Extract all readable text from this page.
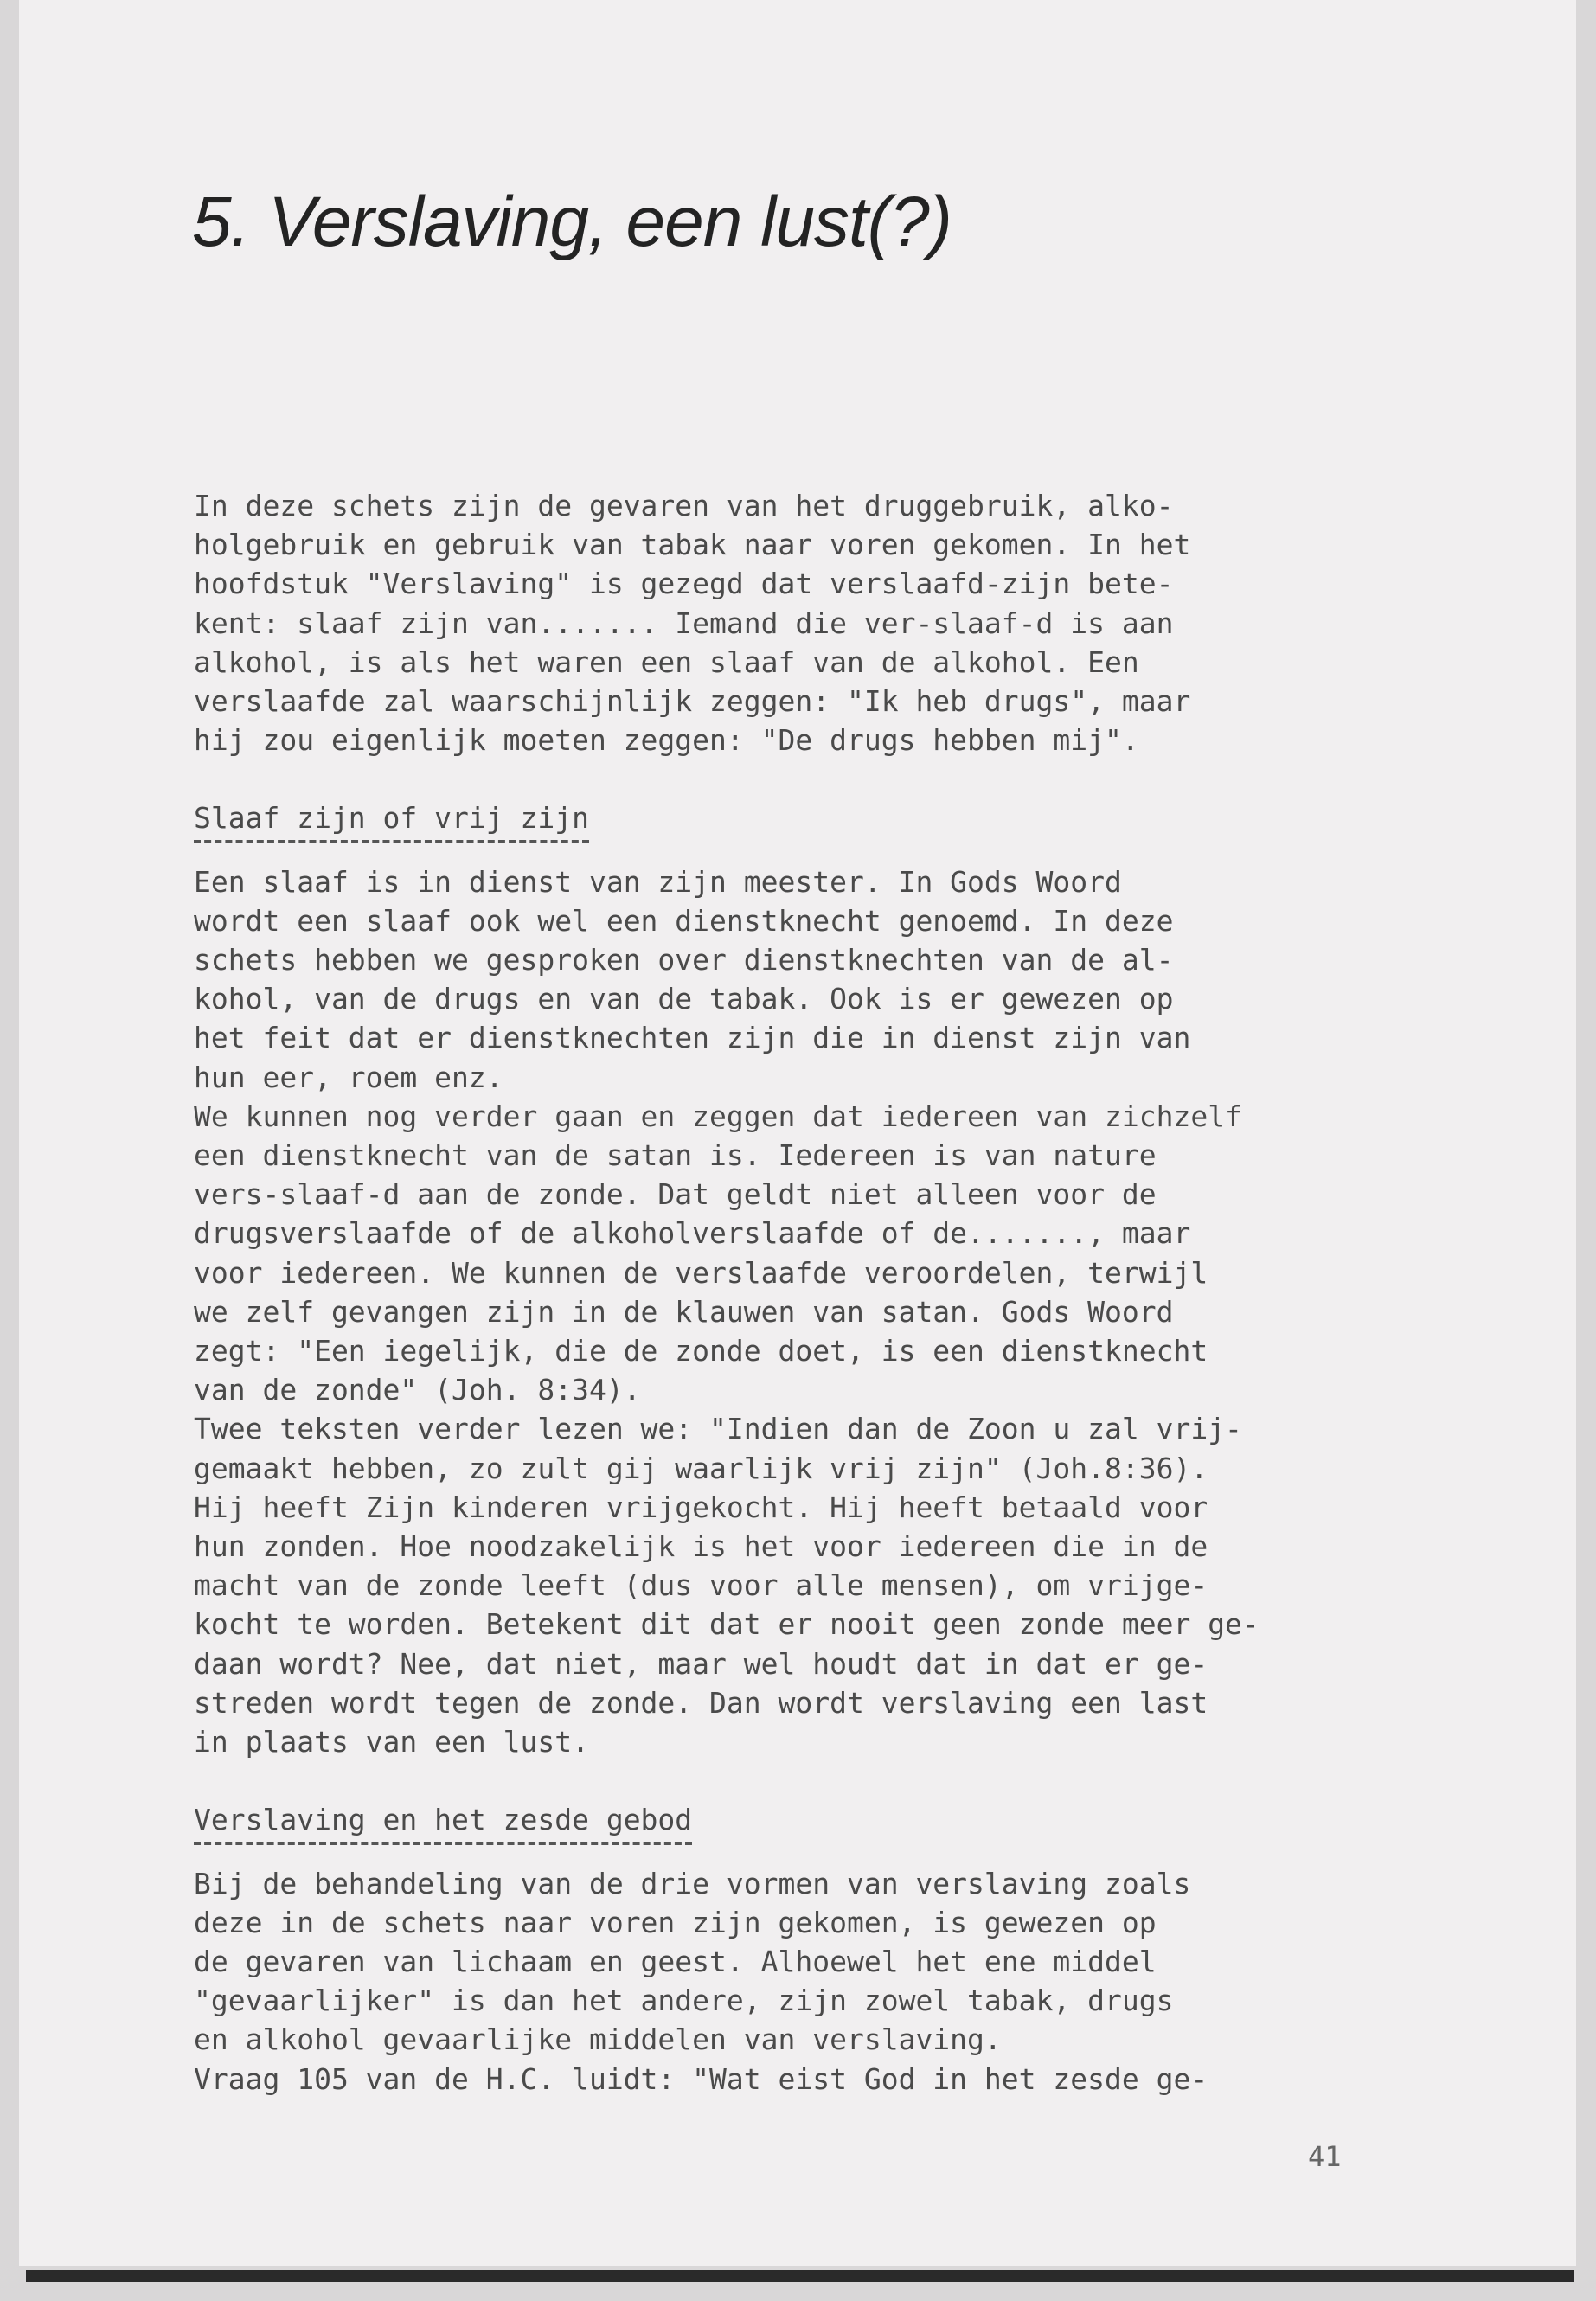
5. Verslaving, een lust(?)

In deze schets zijn de gevaren van het druggebruik, alko-

holgebruik en gebruik van tabak naar voren gekomen. In het

hoofdstuk "Verslaving" is gezegd dat verslaafd-zijn bete-

kent: slaaf zijn van....... Iemand die ver-slaaf-d is aan

alkohol, is als het waren een slaaf van de alkohol. Een

verslaafde zal waarschijnlijk zeggen: "Ik heb drugs", maar

hij zou eigenlijk moeten zeggen: "De drugs hebben mij".

Slaaf zijn of vrij zijn

Een slaaf is in dienst van zijn meester. In Gods Woord

wordt een slaaf ook wel een dienstknecht genoemd. In deze

schets hebben we gesproken over dienstknechten van de al-

kohol, van de drugs en van de tabak. Ook is er gewezen op

het feit dat er dienstknechten zijn die in dienst zijn van

hun eer, roem enz.

We kunnen nog verder gaan en zeggen dat iedereen van zichzelf

een dienstknecht van de satan is. Iedereen is van nature

vers-slaaf-d aan de zonde. Dat geldt niet alleen voor de

drugsverslaafde of de alkoholverslaafde of de......., maar

voor iedereen. We kunnen de verslaafde veroordelen, terwijl

we zelf gevangen zijn in de klauwen van satan. Gods Woord

zegt: "Een iegelijk, die de zonde doet, is een dienstknecht

van de zonde" (Joh. 8:34).

Twee teksten verder lezen we: "Indien dan de Zoon u zal vrij-

gemaakt hebben, zo zult gij waarlijk vrij zijn" (Joh.8:36).

Hij heeft Zijn kinderen vrijgekocht. Hij heeft betaald voor

hun zonden. Hoe noodzakelijk is het voor iedereen die in de

macht van de zonde leeft (dus voor alle mensen), om vrijge-

kocht te worden. Betekent dit dat er nooit geen zonde meer ge-

daan wordt? Nee, dat niet, maar wel houdt dat in dat er ge-

streden wordt tegen de zonde. Dan wordt verslaving een last

in plaats van een lust.

Verslaving en het zesde gebod

Bij de behandeling van de drie vormen van verslaving zoals

deze in de schets naar voren zijn gekomen, is gewezen op

de gevaren van lichaam en geest. Alhoewel het ene middel

"gevaarlijker" is dan het andere, zijn zowel tabak, drugs

en alkohol gevaarlijke middelen van verslaving.

Vraag 105 van de H.C. luidt: "Wat eist God in het zesde ge-

41
